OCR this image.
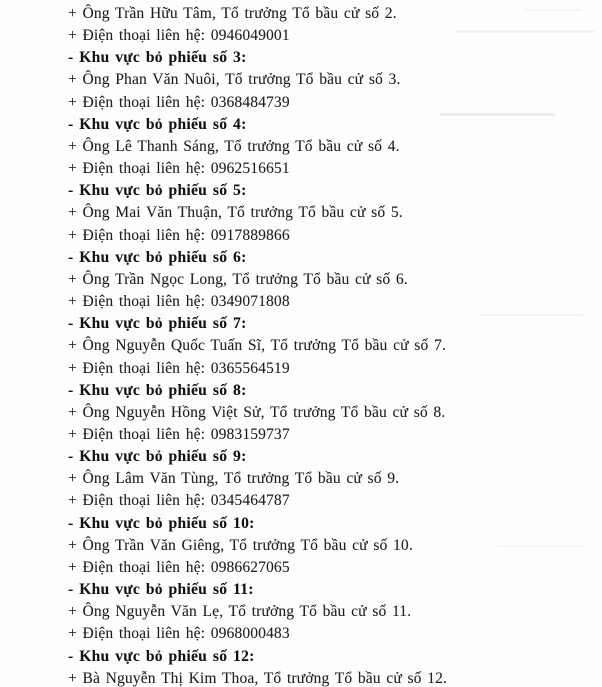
+ Ông Trần Hữu Tâm, Tổ trưởng Tổ bầu cử số 2.
+ Điện thoại liên hệ: 0946049001
- Khu vực bỏ phiếu số 3:
+ Ông Phan Văn Nuôi, Tổ trưởng Tổ bầu cử số 3.
+ Điện thoại liên hệ: 0368484739
- Khu vực bỏ phiếu số 4:
+ Ông Lê Thanh Sáng, Tổ trưởng Tổ bầu cử số 4.
+ Điện thoại liên hệ: 0962516651
- Khu vực bỏ phiếu số 5:
+ Ông Mai Văn Thuận, Tổ trưởng Tổ bầu cử số 5.
+ Điện thoại liên hệ: 0917889866
- Khu vực bỏ phiếu số 6:
+ Ông Trần Ngọc Long, Tổ trưởng Tổ bầu cử số 6.
+ Điện thoại liên hệ: 0349071808
- Khu vực bỏ phiếu số 7:
+ Ông Nguyễn Quốc Tuấn Sĩ, Tổ trưởng Tổ bầu cử số 7.
+ Điện thoại liên hệ: 0365564519
- Khu vực bỏ phiếu số 8:
+ Ông Nguyễn Hồng Việt Sử, Tổ trưởng Tổ bầu cử số 8.
+ Điện thoại liên hệ: 0983159737
- Khu vực bỏ phiếu số 9:
+ Ông Lâm Văn Tùng, Tổ trưởng Tổ bầu cử số 9.
+ Điện thoại liên hệ: 0345464787
- Khu vực bỏ phiếu số 10:
+ Ông Trần Văn Giêng, Tổ trưởng Tổ bầu cử số 10.
+ Điện thoại liên hệ: 0986627065
- Khu vực bỏ phiếu số 11:
+ Ông Nguyễn Văn Lẹ, Tổ trưởng Tổ bầu cử số 11.
+ Điện thoại liên hệ: 0968000483
- Khu vực bỏ phiếu số 12:
+ Bà Nguyễn Thị Kim Thoa, Tổ trưởng Tổ bầu cử số 12.
